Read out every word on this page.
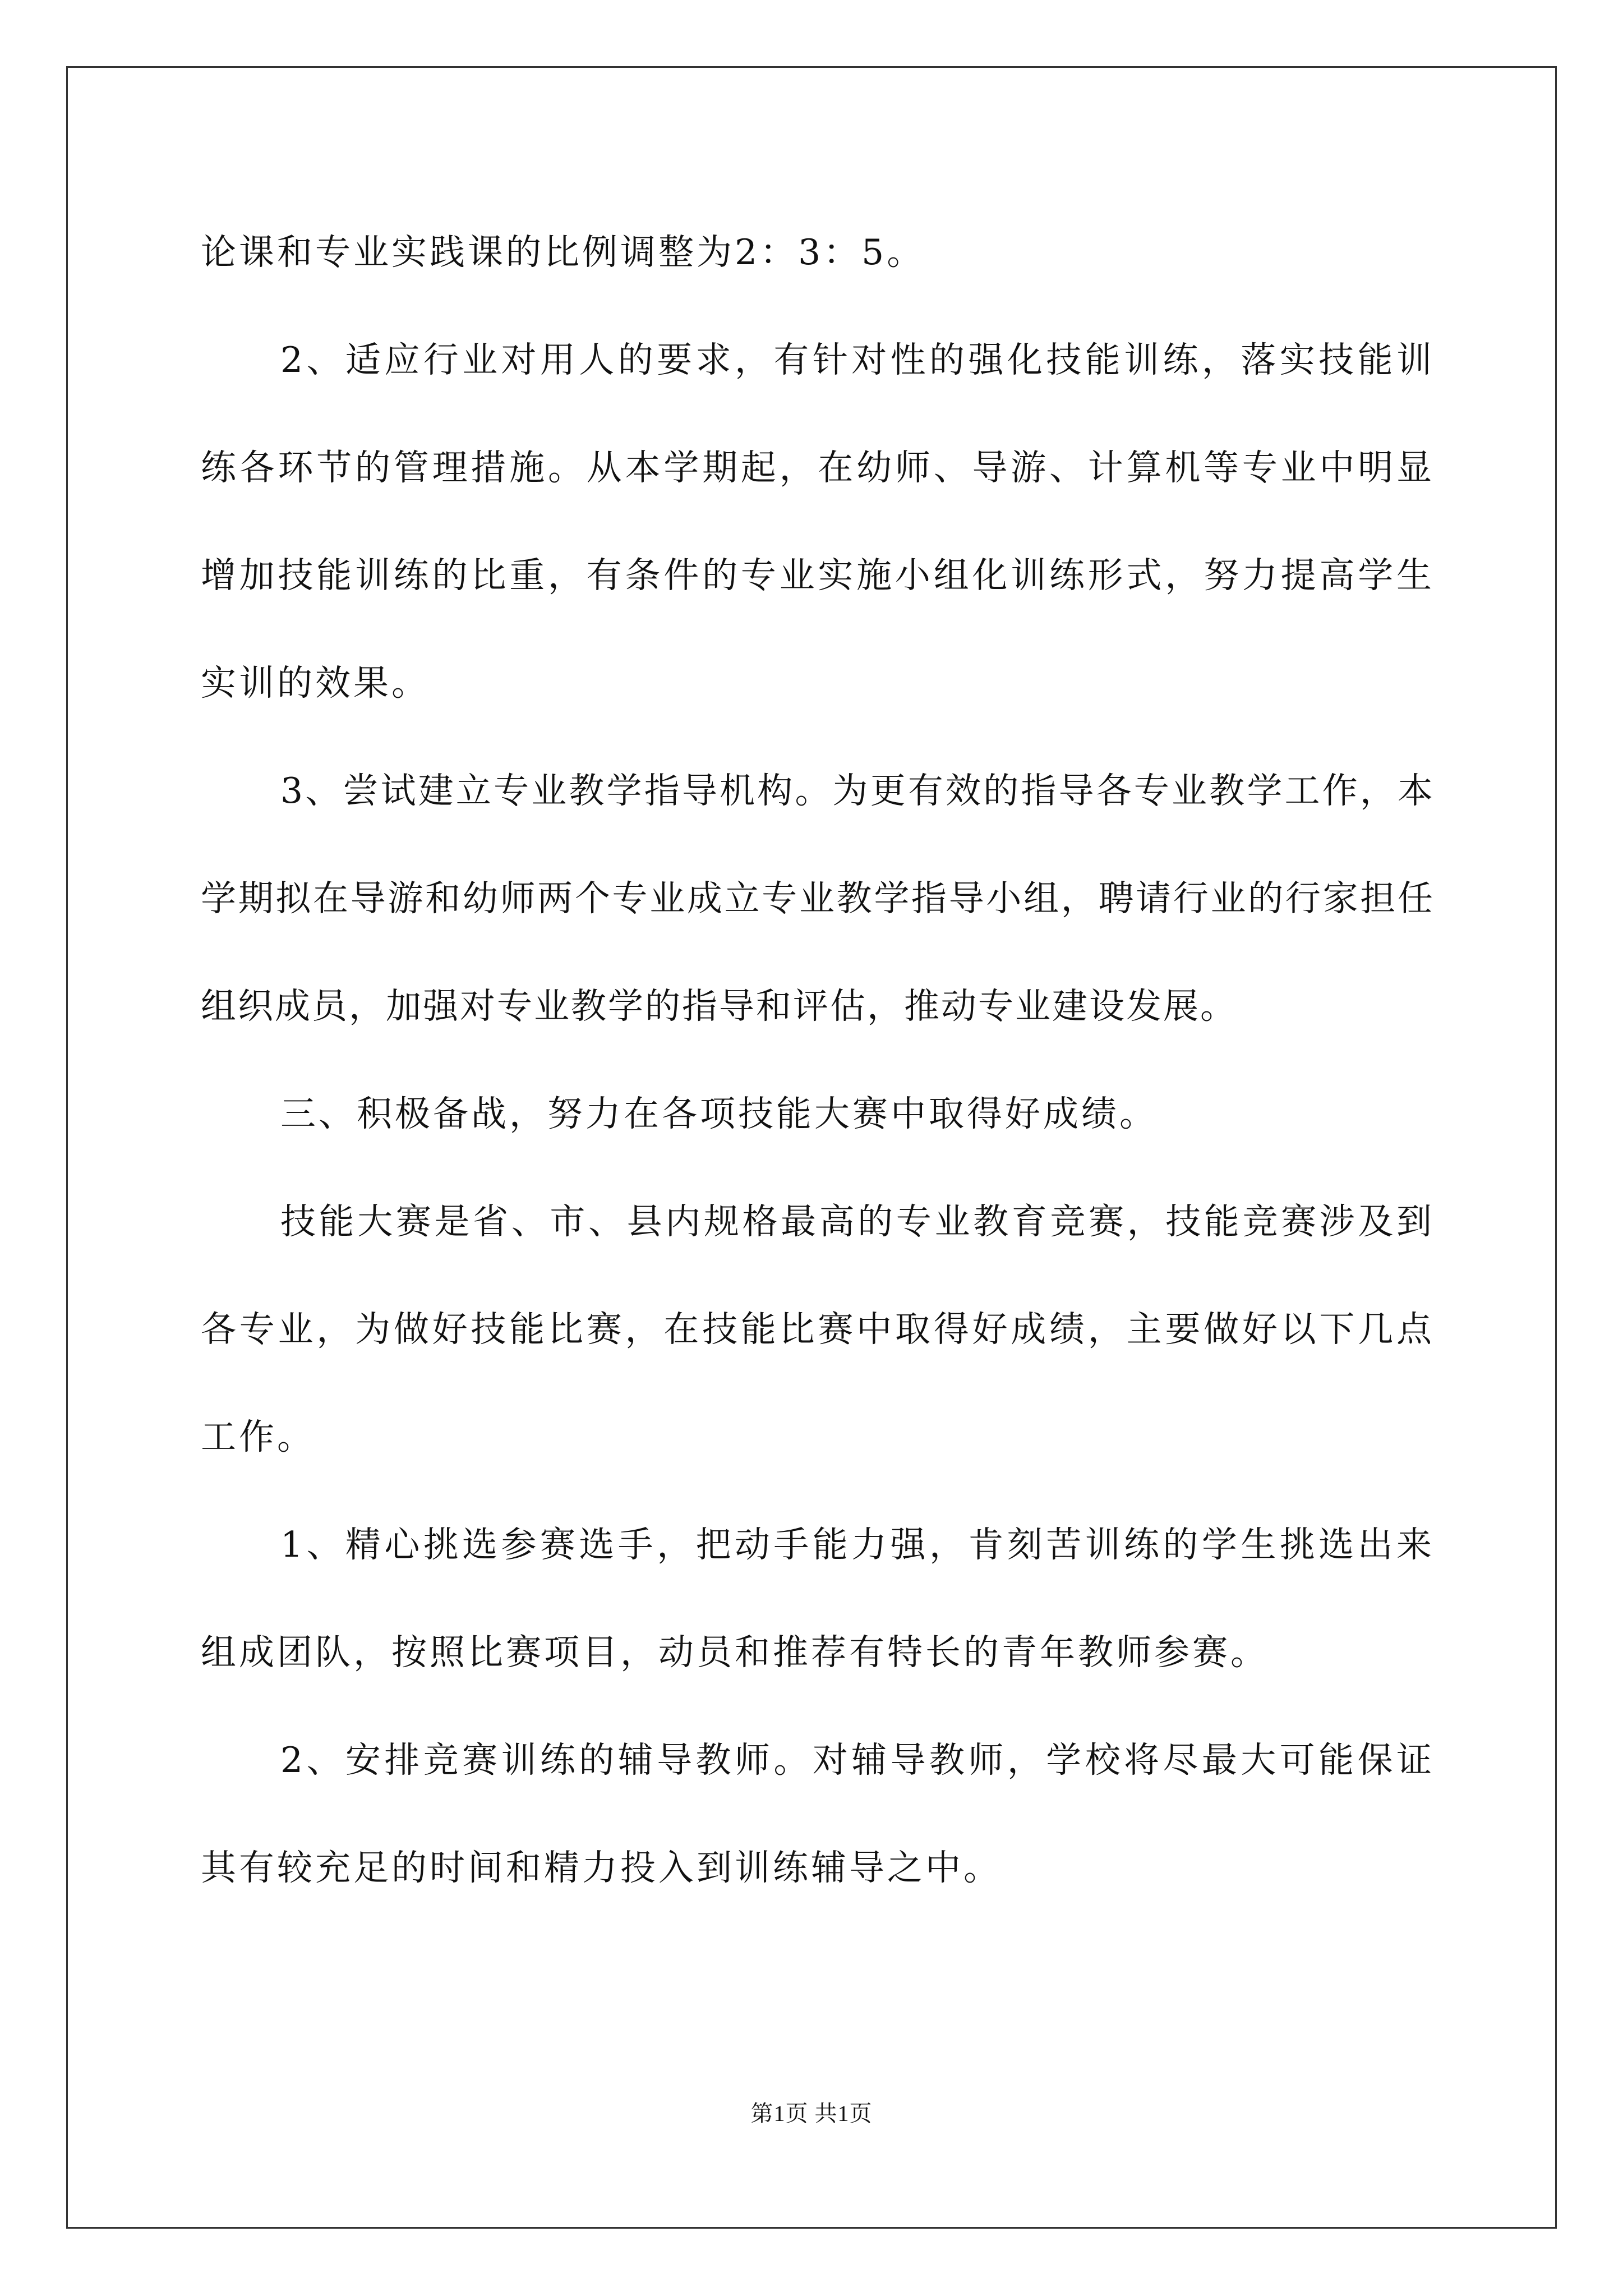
论课和专业实践课的比例调整为2：3：5。

2、适应行业对用人的要求，有针对性的强化技能训练，落实技能训练各环节的管理措施。从本学期起，在幼师、导游、计算机等专业中明显增加技能训练的比重，有条件的专业实施小组化训练形式，努力提高学生实训的效果。

3、尝试建立专业教学指导机构。为更有效的指导各专业教学工作，本学期拟在导游和幼师两个专业成立专业教学指导小组，聘请行业的行家担任组织成员，加强对专业教学的指导和评估，推动专业建设发展。

三、积极备战，努力在各项技能大赛中取得好成绩。

技能大赛是省、市、县内规格最高的专业教育竞赛，技能竞赛涉及到各专业，为做好技能比赛，在技能比赛中取得好成绩，主要做好以下几点工作。

1、精心挑选参赛选手，把动手能力强，肯刻苦训练的学生挑选出来组成团队，按照比赛项目，动员和推荐有特长的青年教师参赛。

2、安排竞赛训练的辅导教师。对辅导教师，学校将尽最大可能保证其有较充足的时间和精力投入到训练辅导之中。

第1页 共1页
